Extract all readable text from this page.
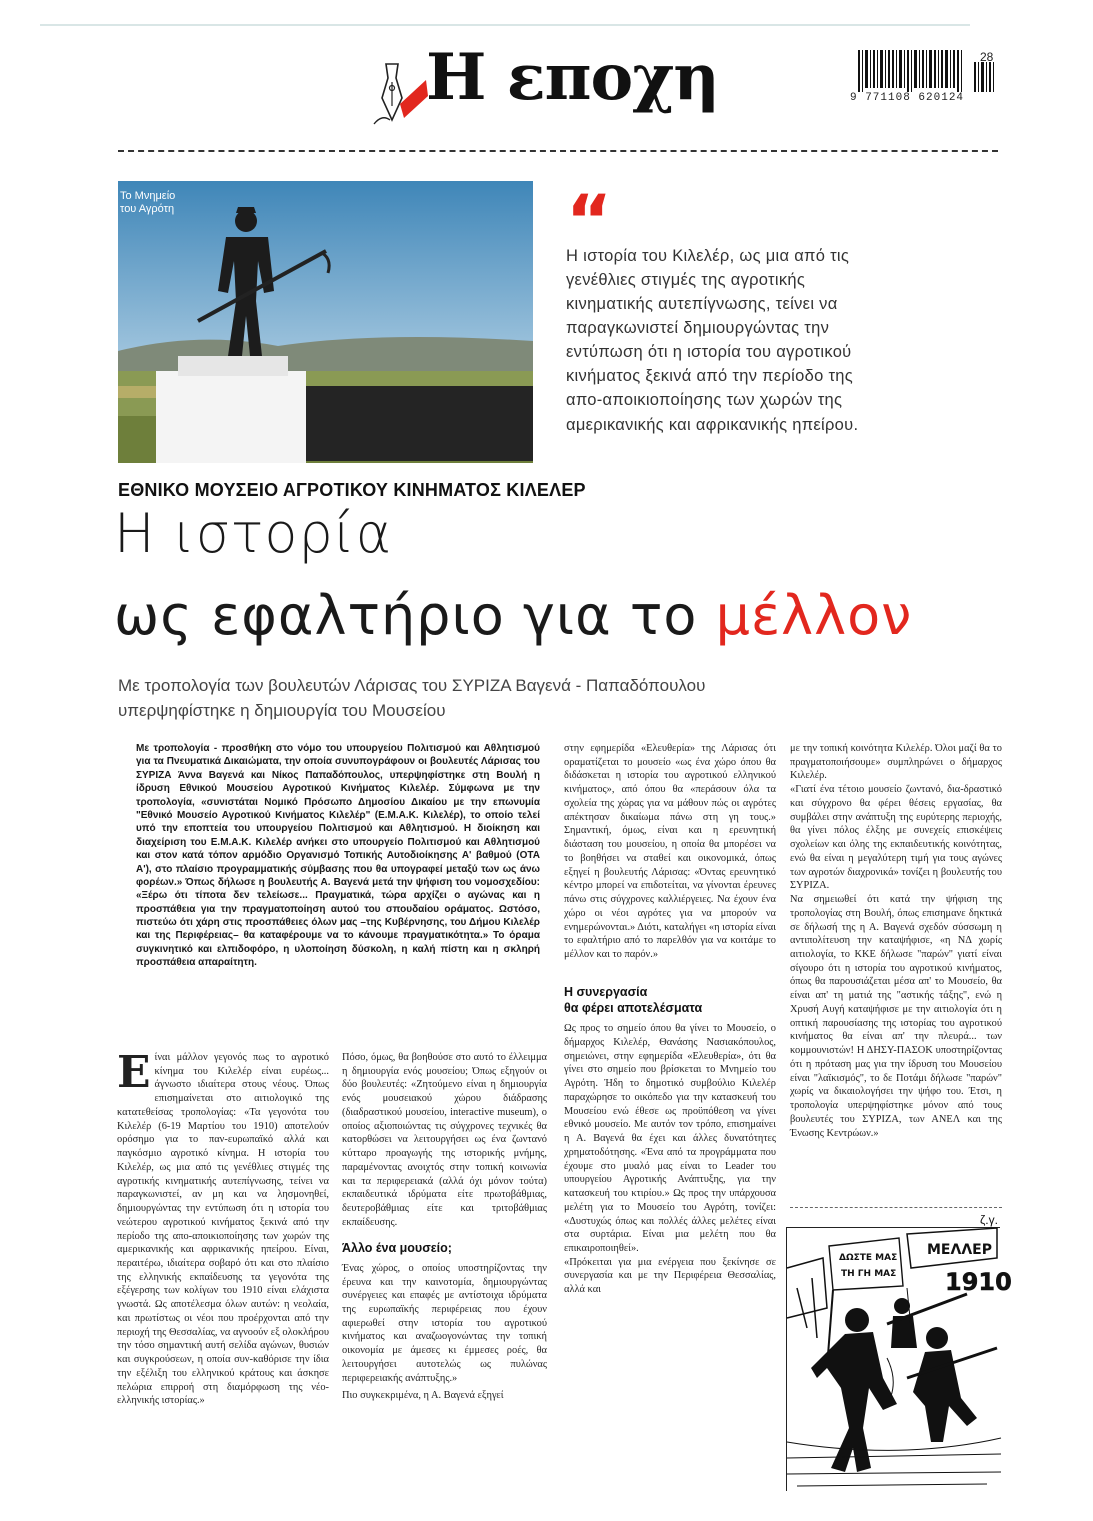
Η εποχη	9 771108 620124
28
Το Μνημείο
του Αγρότη	“
Η ιστορία του Κιλελέρ, ως μια από τις
γενέθλιες στιγμές της αγροτικής
κινηματικής αυτεπίγνωσης, τείνει να
παραγκωνιστεί δημιουργώντας την
εντύπωση ότι η ιστορία του αγροτικού
κινήματος ξεκινά από την περίοδο της
απο-αποικιοποίησης των χωρών της
αμερικανικής και αφρικανικής ηπείρου.
ΕΘΝΙΚΟ ΜΟΥΣΕΙΟ ΑΓΡΟΤΙΚΟΥ ΚΙΝΗΜΑΤΟΣ ΚΙΛΕΛΕΡ
Η ιστορία
ως εφαλτήριο για το μέλλον
Με τροπολογία των βουλευτών Λάρισας του ΣΥΡΙΖΑ Βαγενά - Παπαδόπουλου
υπερψηφίστηκε η δημιουργία του Μουσείου
Με τροπολογία - προσθήκη στο νόμο του υπουργείου Πολιτισμού και Αθλητισμού για τα Πνευματικά Δικαιώματα, την οποία συνυπογράφουν οι βουλευτές Λάρισας του ΣΥΡΙΖΑ Άννα Βαγενά και Νίκος Παπαδόπουλος, υπερψηφίστηκε στη Βουλή η ίδρυση Εθνικού Μουσείου Αγροτικού Κινήματος Κιλελέρ. Σύμφωνα με την τροπολογία, «συνιστάται Νομικό Πρόσωπο Δημοσίου Δικαίου με την επωνυμία "Εθνικό Μουσείο Αγροτικού Κινήματος Κιλελέρ" (Ε.Μ.Α.Κ. Κιλελέρ), το οποίο τελεί υπό την εποπτεία του υπουργείου Πολιτισμού και Αθλητισμού. Η διοίκηση και διαχείριση του Ε.Μ.Α.Κ. Κιλελέρ ανήκει στο υπουργείο Πολιτισμού και Αθλητισμού και στον κατά τόπον αρμόδιο Οργανισμό Τοπικής Αυτοδιοίκησης Α' βαθμού (ΟΤΑ Α'), στο πλαίσιο προγραμματικής σύμβασης που θα υπογραφεί μεταξύ των ως άνω φορέων.» Όπως δήλωσε η βουλευτής Α. Βαγενά μετά την ψήφιση του νομοσχεδίου: «Ξέρω ότι τίποτα δεν τελείωσε... Πραγματικά, τώρα αρχίζει ο αγώνας και η προσπάθεια για την πραγματοποίηση αυτού του σπουδαίου οράματος. Ωστόσο, πιστεύω ότι χάρη στις προσπάθειες όλων μας –της Κυβέρνησης, του Δήμου Κιλελέρ και της Περιφέρειας– θα καταφέρουμε να το κάνουμε πραγματικότητα.» Το όραμα συγκινητικό και ελπιδοφόρο, η υλοποίηση δύσκολη, η καλή πίστη και η σκληρή προσπάθεια απαραίτητη.
Ε ίναι μάλλον γεγονός πως το αγροτικό κίνημα του Κιλελέρ είναι ευρέως... άγνωστο ιδιαίτερα στους νέους. Όπως επισημαίνεται στο αιτιολογικό της κατατεθείσας τροπολογίας: «Τα γεγονότα του Κιλελέρ (6-19 Μαρτίου του 1910) αποτελούν ορόσημο για το παν-ευρωπαϊκό αλλά και παγκόσμιο αγροτικό κίνημα. Η ιστορία του Κιλελέρ, ως μια από τις γενέθλιες στιγμές της αγροτικής κινηματικής αυτεπίγνωσης, τείνει να παραγκωνιστεί, αν μη και να λησμονηθεί, δημιουργώντας την εντύπωση ότι η ιστορία του νεώτερου αγροτικού κινήματος ξεκινά από την περίοδο της απο-αποικιοποίησης των χωρών της αμερικανικής και αφρικανικής ηπείρου. Είναι, περαιτέρω, ιδιαίτερα σοβαρό ότι και στο πλαίσιο της ελληνικής εκπαίδευσης τα γεγονότα της εξέγερσης των κολίγων του 1910 είναι ελάχιστα γνωστά. Ως αποτέλεσμα όλων αυτών: η νεολαία, και πρωτίστως οι νέοι που προέρχονται από την περιοχή της Θεσσαλίας, να αγνοούν εξ ολοκλήρου την τόσο σημαντική αυτή σελίδα αγώνων, θυσιών και συγκρούσεων, η οποία συν-καθόρισε την ίδια την εξέλιξη του ελληνικού κράτους και άσκησε πελώρια επιρροή στη διαμόρφωση της νέο-ελληνικής ιστορίας.»

Πόσο, όμως, θα βοηθούσε στο αυτό το έλλειμμα η δημιουργία ενός μουσείου; Όπως εξηγούν οι δύο βουλευτές: «Ζητούμενο είναι η δημιουργία ενός μουσειακού χώρου διάδρασης (διαδραστικού μουσείου, interactive museum), ο οποίος αξιοποιώντας τις σύγχρονες τεχνικές θα κατορθώσει να λειτουργήσει ως ένα ζωντανό κύτταρο προαγωγής της ιστορικής μνήμης, παραμένοντας ανοιχτός στην τοπική κοινωνία και τα περιφερειακά (αλλά όχι μόνον τούτα) εκπαιδευτικά ιδρύματα είτε πρωτοβάθμιας, δευτεροβάθμιας είτε και τριτοβάθμιας εκπαίδευσης.

Άλλο ένα μουσείο;

Ένας χώρος, ο οποίος υποστηρίζοντας την έρευνα και την καινοτομία, δημιουργώντας συνέργειες και επαφές με αντίστοιχα ιδρύματα της ευρωπαϊκής περιφέρειας που έχουν αφιερωθεί στην ιστορία του αγροτικού κινήματος και αναζωογονώντας την τοπική οικονομία με άμεσες κι έμμεσες ροές, θα λειτουργήσει αυτοτελώς ως πυλώνας περιφερειακής ανάπτυξης.»

Πιο συγκεκριμένα, η Α. Βαγενά εξηγεί

στην εφημερίδα «Ελευθερία» της Λάρισας ότι οραματίζεται το μουσείο «ως ένα χώρο όπου θα διδάσκεται η ιστορία του αγροτικού ελληνικού κινήματος», από όπου θα «περάσουν όλα τα σχολεία της χώρας για να μάθουν πώς οι αγρότες απέκτησαν δικαίωμα πάνω στη γη τους.» Σημαντική, όμως, είναι και η ερευνητική διάσταση του μουσείου, η οποία θα μπορέσει να το βοηθήσει να σταθεί και οικονομικά, όπως εξηγεί η βουλευτής Λάρισας: «Όντας ερευνητικό κέντρο μπορεί να επιδοτείται, να γίνονται έρευνες πάνω στις σύγχρονες καλλιέργειες. Να έχουν ένα χώρο οι νέοι αγρότες για να μπορούν να ενημερώνονται.» Διότι, καταλήγει «η ιστορία είναι το εφαλτήριο από το παρελθόν για να κοιτάμε το μέλλον και το παρόν.»

Η συνεργασία
θα φέρει αποτελέσματα

Ως προς το σημείο όπου θα γίνει το Μουσείο, ο δήμαρχος Κιλελέρ, Θανάσης Νασιακόπουλος, σημειώνει, στην εφημερίδα «Ελευθερία», ότι θα γίνει στο σημείο που βρίσκεται το Μνημείο του Αγρότη. Ήδη το δημοτικό συμβούλιο Κιλελέρ παραχώρησε το οικόπεδο για την κατασκευή του Μουσείου ενώ έθεσε ως προϋπόθεση να γίνει εθνικό μουσείο. Με αυτόν τον τρόπο, επισημαίνει η Α. Βαγενά θα έχει και άλλες δυνατότητες χρηματοδότησης. «Ένα από τα προγράμματα που έχουμε στο μυαλό μας είναι το Leader του υπουργείου Αγροτικής Ανάπτυξης, για την κατασκευή του κτιρίου.» Ως προς την υπάρχουσα μελέτη για το Μουσείο του Αγρότη, τονίζει: «Δυστυχώς όπως και πολλές άλλες μελέτες είναι στα συρτάρια. Είναι μια μελέτη που θα επικαιροποιηθεί».

«Πρόκειται για μια ενέργεια που ξεκίνησε σε συνεργασία και με την Περιφέρεια Θεσσαλίας, αλλά και

με την τοπική κοινότητα Κιλελέρ. Όλοι μαζί θα το πραγματοποιήσουμε» συμπληρώνει ο δήμαρχος Κιλελέρ.

«Γιατί ένα τέτοιο μουσείο ζωντανό, δια-δραστικό και σύγχρονο θα φέρει θέσεις εργασίας, θα συμβάλει στην ανάπτυξη της ευρύτερης περιοχής, θα γίνει πόλος έλξης με συνεχείς επισκέψεις σχολείων και όλης της εκπαιδευτικής κοινότητας, ενώ θα είναι η μεγαλύτερη τιμή για τους αγώνες των αγροτών διαχρονικά» τονίζει η βουλευτής του ΣΥΡΙΖΑ.

Να σημειωθεί ότι κατά την ψήφιση της τροπολογίας στη Βουλή, όπως επισημανε δηκτικά σε δήλωσή της η Α. Βαγενά σχεδόν σύσσωμη η αντιπολίτευση την καταψήφισε, «η ΝΔ χωρίς αιτιολογία, το ΚΚΕ δήλωσε "παρών" γιατί είναι σίγουρο ότι η ιστορία του αγροτικού κινήματος, όπως θα παρουσιάζεται μέσα απ' το Μουσείο, θα είναι απ' τη ματιά της "αστικής τάξης", ενώ η Χρυσή Αυγή καταψήφισε με την αιτιολογία ότι η οπτική παρουσίασης της ιστορίας του αγροτικού κινήματος θα είναι απ' την πλευρά... των κομμουνιστών! Η ΔΗΣΥ-ΠΑΣΟΚ υποστηρίζοντας ότι η πρόταση μας για την ίδρυση του Μουσείου είναι "λαϊκισμός", το δε Ποτάμι δήλωσε "παρών" χωρίς να δικαιολογήσει την ψήφο του. Έτσι, η τροπολογία υπερψηφίστηκε μόνον από τους βουλευτές του ΣΥΡΙΖΑ, των ΑΝΕΛ και της Ένωσης Κεντρώων.»

ζ.γ.
ΜΕΛΛΕΡ
1910
ΔΩΣΤΕ ΜΑΣ
ΤΗ ΓΗ ΜΑΣ
